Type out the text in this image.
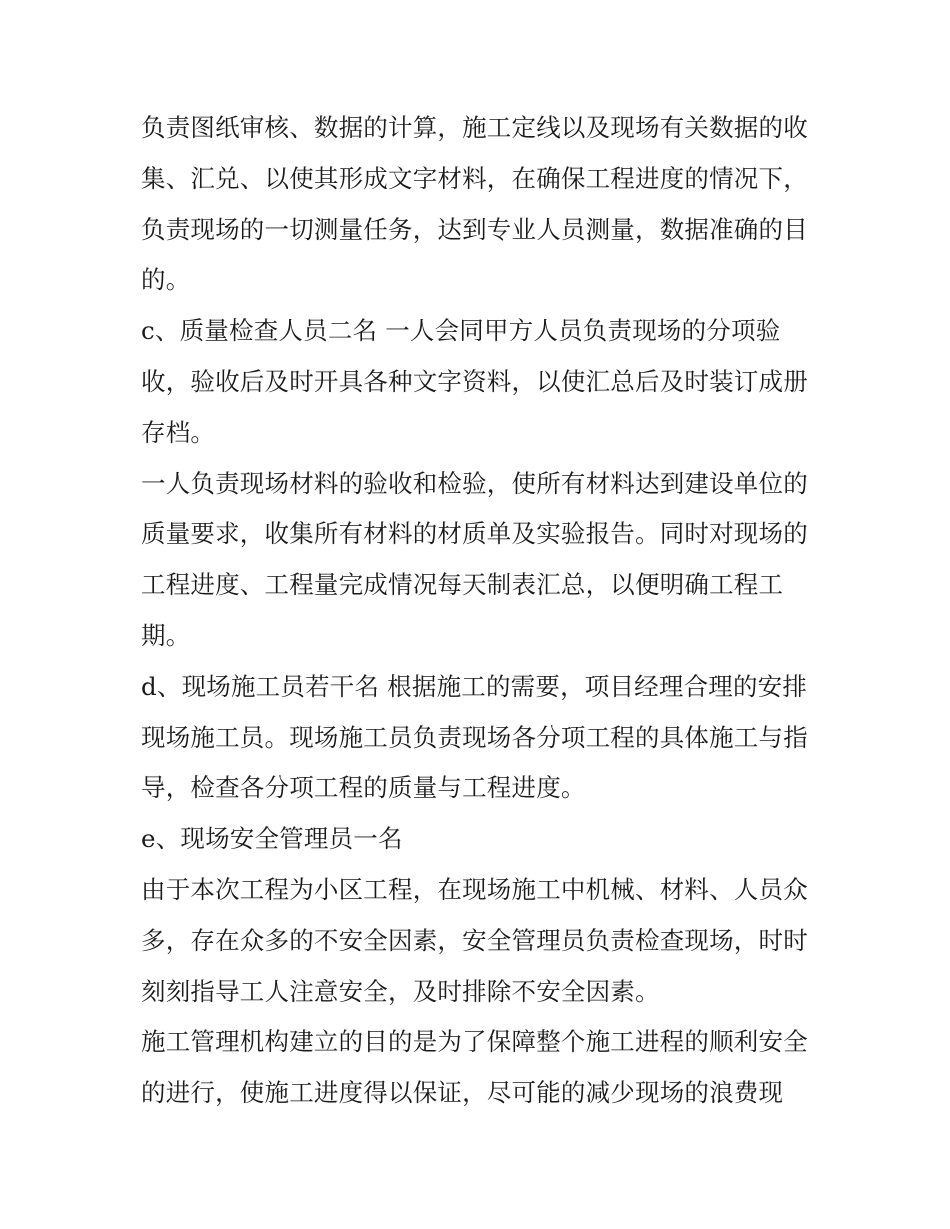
负责图纸审核、数据的计算，施工定线以及现场有关数据的收
集、汇兑、以使其形成文字材料，在确保工程进度的情况下，
负责现场的一切测量任务，达到专业人员测量，数据准确的目
的。
c、质量检查人员二名 一人会同甲方人员负责现场的分项验
收，验收后及时开具各种文字资料，以使汇总后及时装订成册
存档。
一人负责现场材料的验收和检验，使所有材料达到建设单位的
质量要求，收集所有材料的材质单及实验报告。同时对现场的
工程进度、工程量完成情况每天制表汇总，以便明确工程工
期。
d、现场施工员若干名 根据施工的需要，项目经理合理的安排
现场施工员。现场施工员负责现场各分项工程的具体施工与指
导，检查各分项工程的质量与工程进度。
e、现场安全管理员一名
由于本次工程为小区工程，在现场施工中机械、材料、人员众
多，存在众多的不安全因素，安全管理员负责检查现场，时时
刻刻指导工人注意安全，及时排除不安全因素。
施工管理机构建立的目的是为了保障整个施工进程的顺利安全
的进行，使施工进度得以保证，尽可能的减少现场的浪费现
